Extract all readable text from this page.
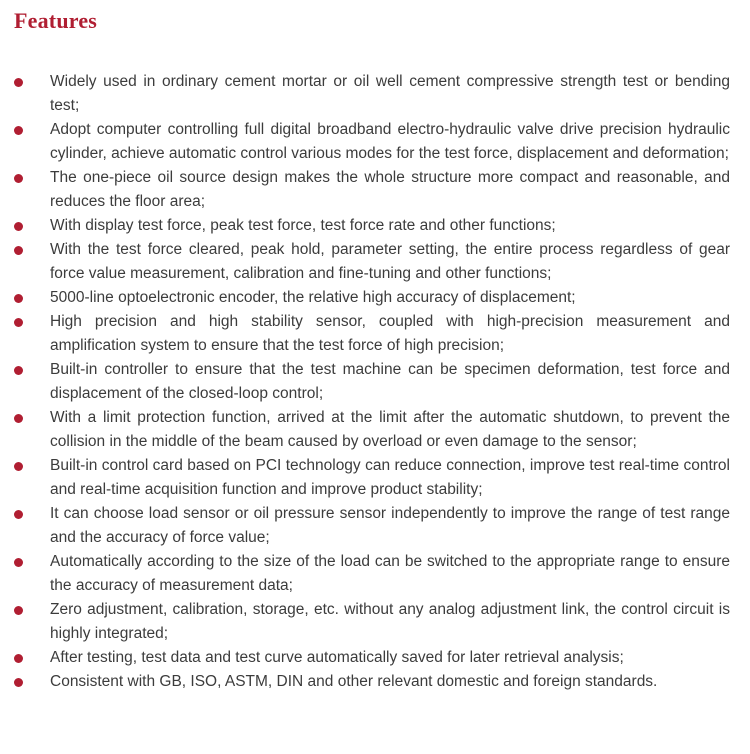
Features
Widely used in ordinary cement mortar or oil well cement compressive strength test or bending test;
Adopt computer controlling full digital broadband electro-hydraulic valve drive precision hydraulic cylinder, achieve automatic control various modes for the test force, displacement and deformation;
The one-piece oil source design makes the whole structure more compact and reasonable, and reduces the floor area;
With display test force, peak test force, test force rate and other functions;
With the test force cleared, peak hold, parameter setting, the entire process regardless of gear force value measurement, calibration and fine-tuning and other functions;
5000-line optoelectronic encoder, the relative high accuracy of displacement;
High precision and high stability sensor, coupled with high-precision measurement and amplification system to ensure that the test force of high precision;
Built-in controller to ensure that the test machine can be specimen deformation, test force and displacement of the closed-loop control;
With a limit protection function, arrived at the limit after the automatic shutdown, to prevent the collision in the middle of the beam caused by overload or even damage to the sensor;
Built-in control card based on PCI technology can reduce connection, improve test real-time control and real-time acquisition function and improve product stability;
It can choose load sensor or oil pressure sensor independently to improve the range of test range and the accuracy of force value;
Automatically according to the size of the load can be switched to the appropriate range to ensure the accuracy of measurement data;
Zero adjustment, calibration, storage, etc. without any analog adjustment link, the control circuit is highly integrated;
After testing, test data and test curve automatically saved for later retrieval analysis;
Consistent with GB, ISO, ASTM, DIN and other relevant domestic and foreign standards.
